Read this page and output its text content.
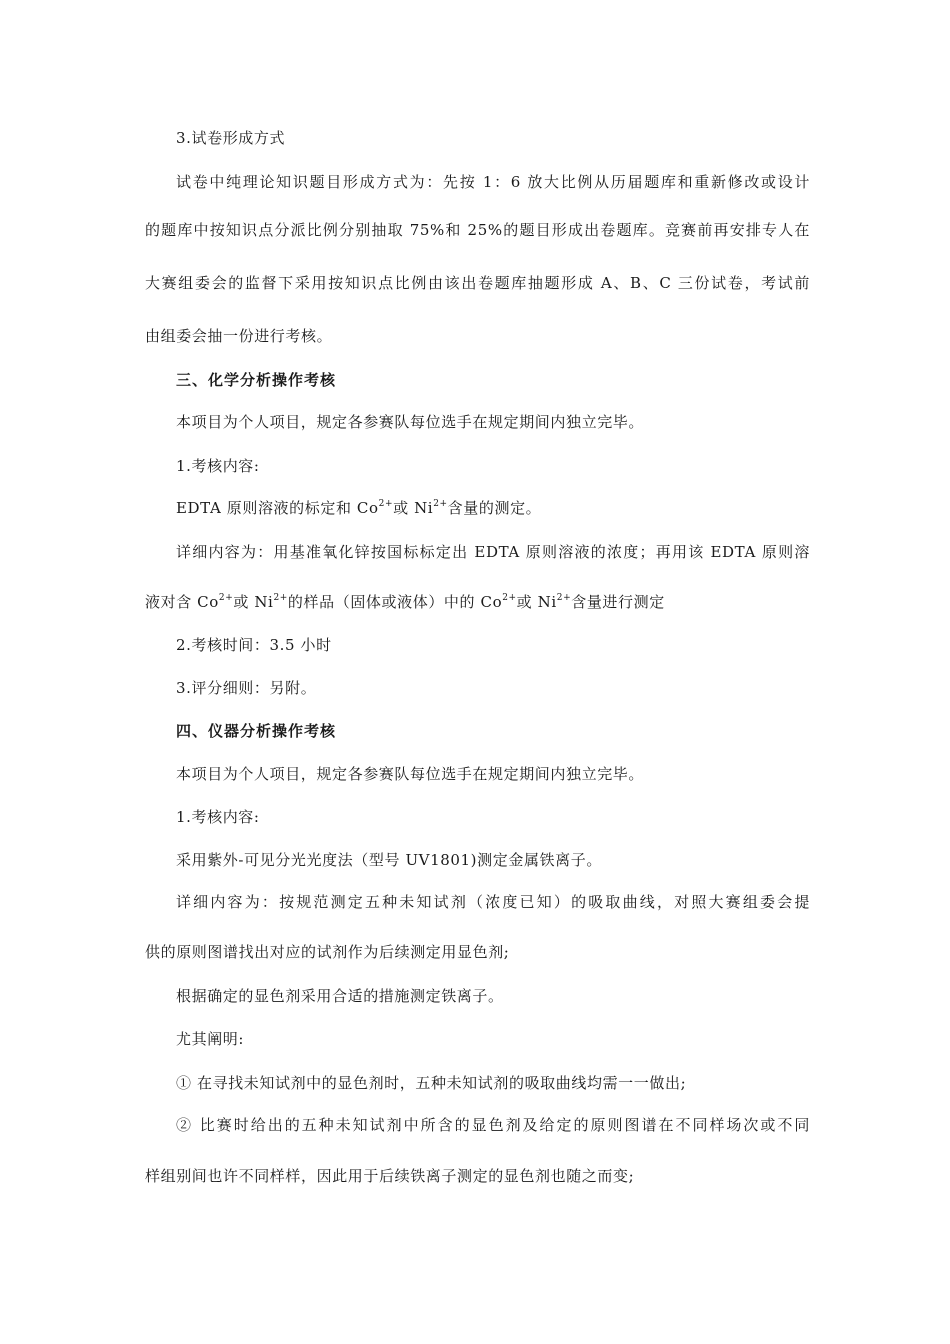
3.试卷形成方式
试卷中纯理论知识题目形成方式为：先按 1：6 放大比例从历届题库和重新修改或设计
的题库中按知识点分派比例分别抽取 75%和 25%的题目形成出卷题库。竞赛前再安排专人在
大赛组委会的监督下采用按知识点比例由该出卷题库抽题形成 A、B、C 三份试卷，考试前
由组委会抽一份进行考核。
三、化学分析操作考核
本项目为个人项目，规定各参赛队每位选手在规定期间内独立完毕。
1.考核内容:
EDTA 原则溶液的标定和 $Co^{2+}$或 $Ni^{2+}$含量的测定。
详细内容为：用基准氧化锌按国标标定出 EDTA 原则溶液的浓度；再用该 EDTA 原则溶
液对含 $Co^{2+}$或 $Ni^{2+}$的样品（固体或液体）中的 $Co^{2+}$或 $Ni^{2+}$含量进行测定
2.考核时间：3.5 小时
3.评分细则：另附。
四、仪器分析操作考核
本项目为个人项目，规定各参赛队每位选手在规定期间内独立完毕。
1.考核内容:
采用紫外-可见分光光度法（型号 UV1801)测定金属铁离子。
详细内容为：按规范测定五种未知试剂（浓度已知）的吸取曲线，对照大赛组委会提
供的原则图谱找出对应的试剂作为后续测定用显色剂;
根据确定的显色剂采用合适的措施测定铁离子。
尤其阐明:
① 在寻找未知试剂中的显色剂时，五种未知试剂的吸取曲线均需一一做出;
② 比赛时给出的五种未知试剂中所含的显色剂及给定的原则图谱在不同样场次或不同
样组别间也许不同样样，因此用于后续铁离子测定的显色剂也随之而变;
